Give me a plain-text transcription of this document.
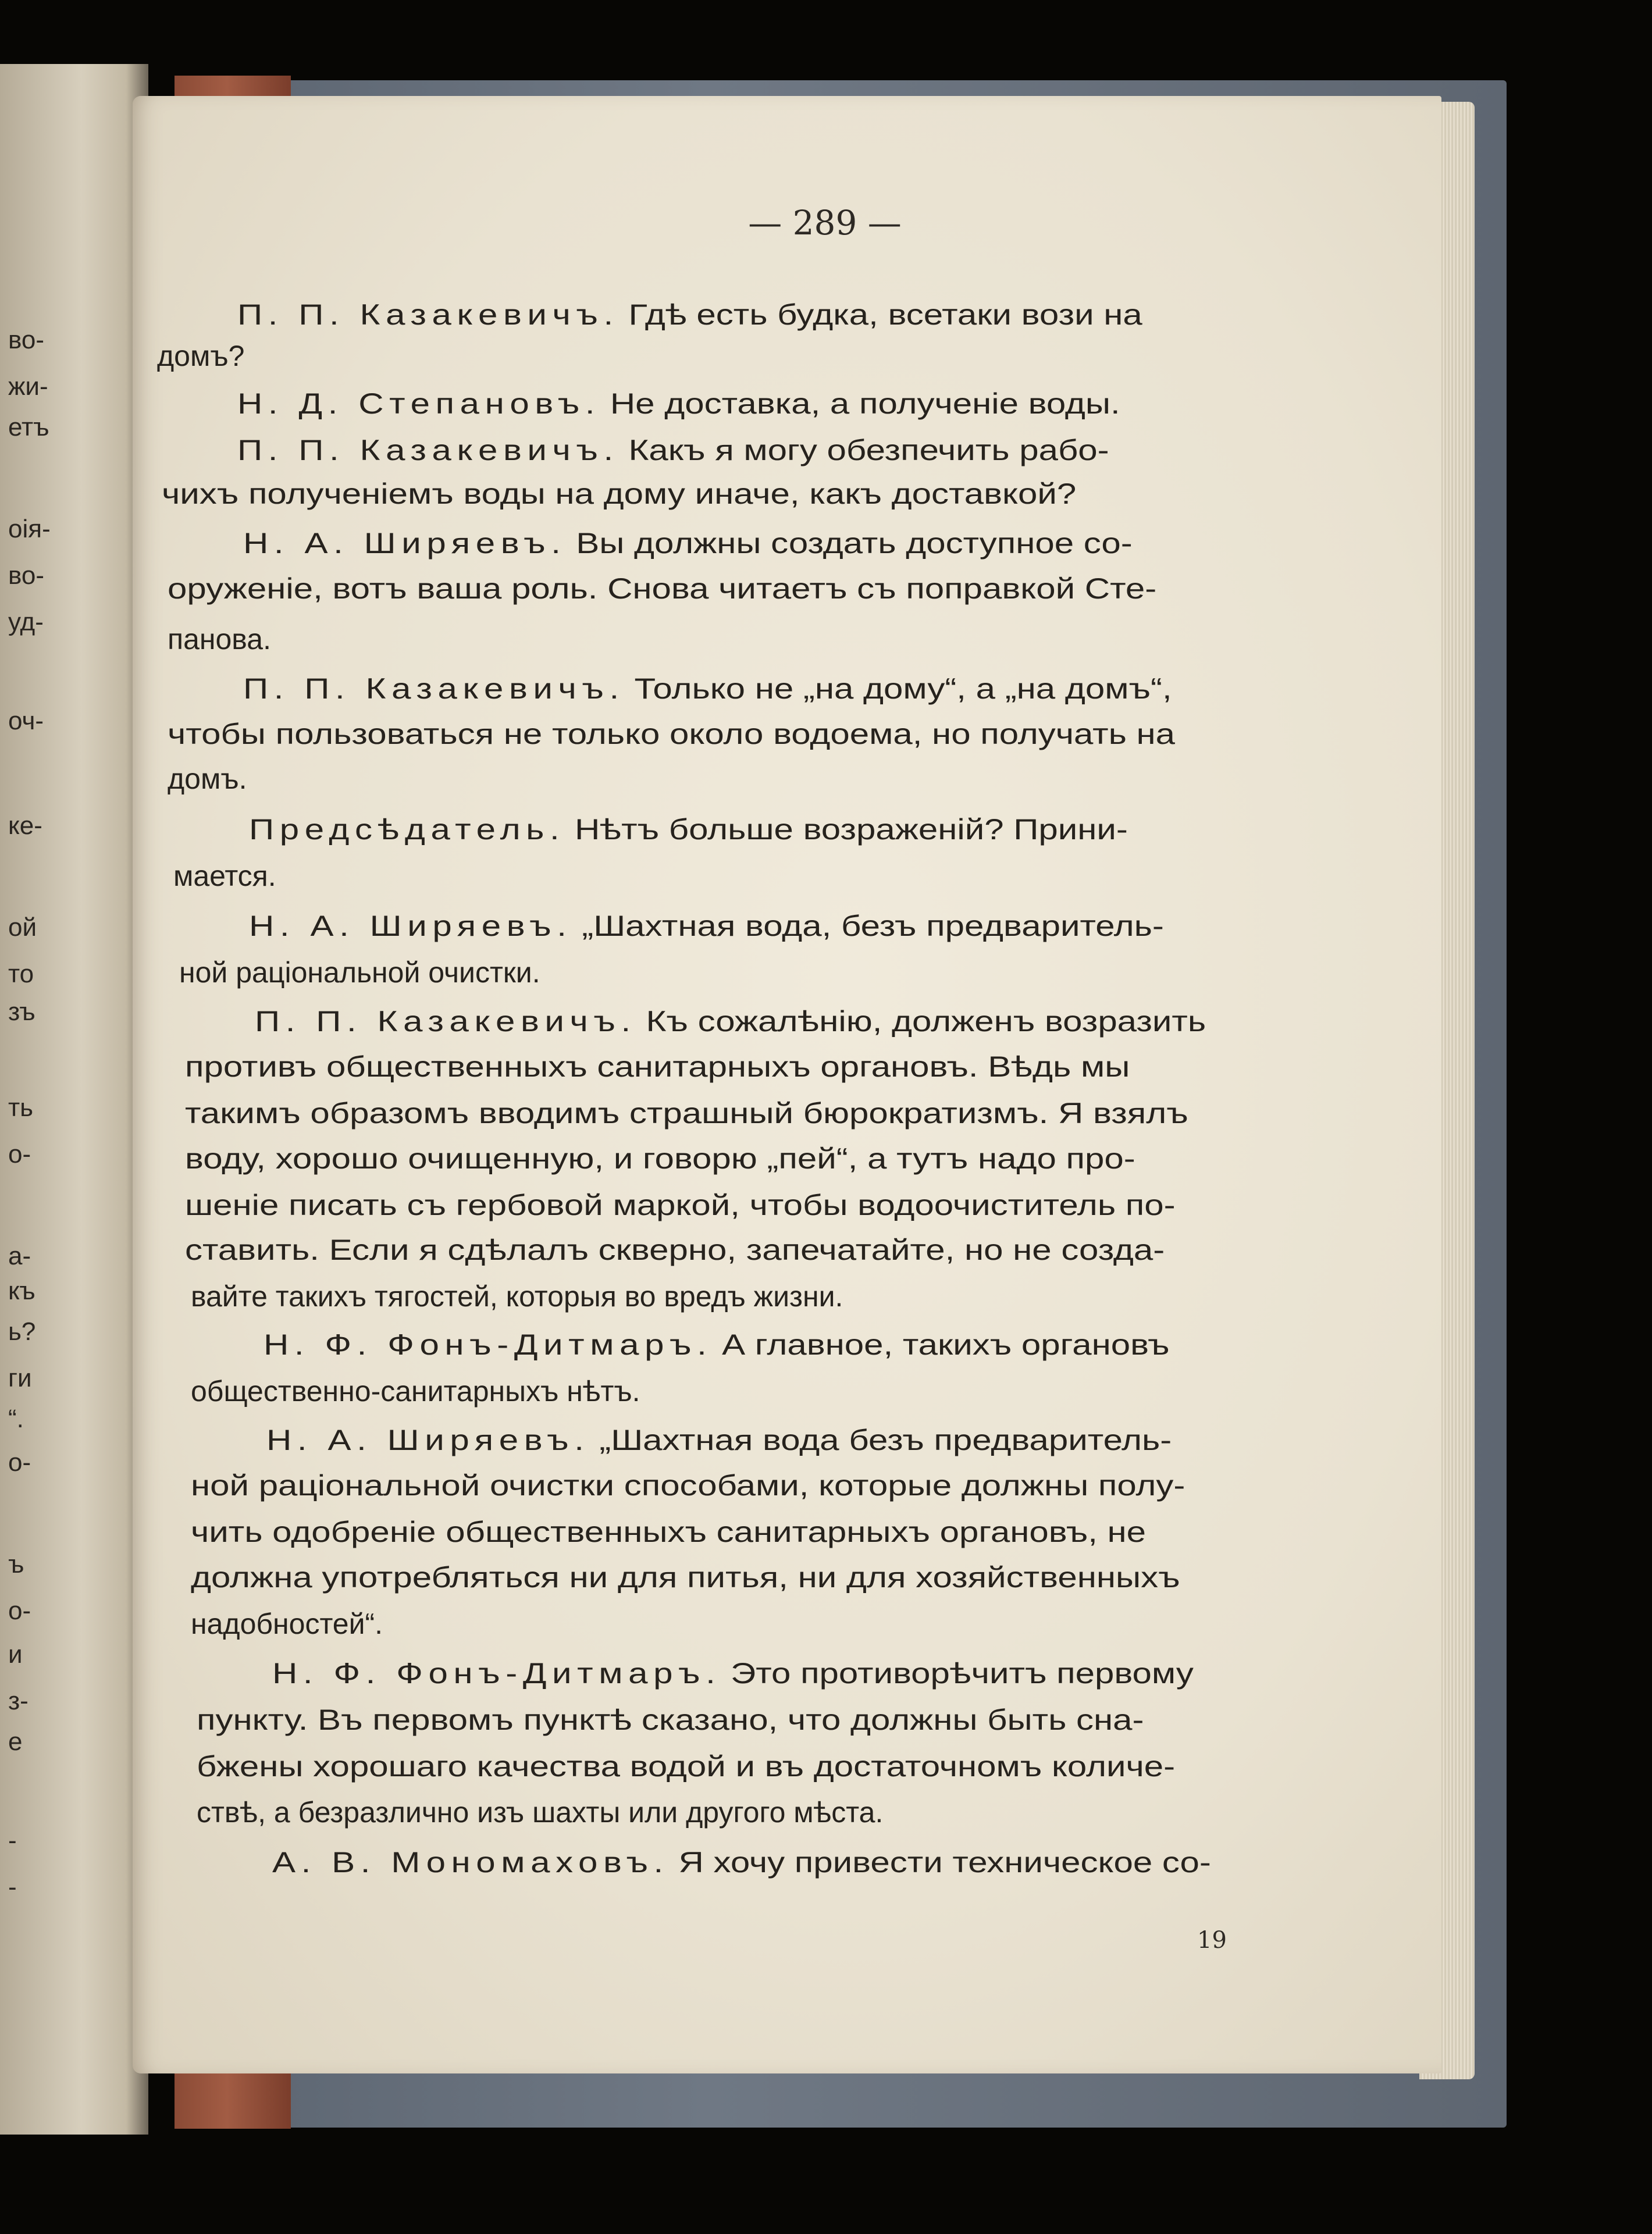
во-
жи-
етъ
оія-
во-
уд-
оч-
ке-
ой
то
зъ
ть
о-
а-
къ
ь?
ги
“.
о-
ъ
о-
и
з-
е
-
-
— 289 —
П. П. Казакевичъ. Гдѣ есть будка, всетаки вози на
домъ?
Н. Д. Степановъ. Не доставка, а полученіе воды.
П. П. Казакевичъ. Какъ я могу обезпечить рабо-
чихъ полученіемъ воды на дому иначе, какъ доставкой?
Н. А. Ширяевъ. Вы должны создать доступное со-
оруженіе, вотъ ваша роль. Снова читаетъ съ поправкой Сте-
панова.
П. П. Казакевичъ. Только не „на дому“, а „на домъ“,
чтобы пользоваться не только около водоема, но получать на
домъ.
Предсѣдатель. Нѣтъ больше возраженій? Прини-
мается.
Н. А. Ширяевъ. „Шахтная вода, безъ предваритель-
ной раціональной очистки.
П. П. Казакевичъ. Къ сожалѣнію, долженъ возразить
противъ общественныхъ санитарныхъ органовъ. Вѣдь мы
такимъ образомъ вводимъ страшный бюрократизмъ. Я взялъ
воду, хорошо очищенную, и говорю „пей“, а тутъ надо про-
шеніе писать съ гербовой маркой, чтобы водоочиститель по-
ставить. Если я сдѣлалъ скверно, запечатайте, но не созда-
вайте такихъ тягостей, которыя во вредъ жизни.
Н. Ф. Фонъ-Дитмаръ. А главное, такихъ органовъ
общественно-санитарныхъ нѣтъ.
Н. А. Ширяевъ. „Шахтная вода безъ предваритель-
ной раціональной очистки способами, которые должны полу-
чить одобреніе общественныхъ санитарныхъ органовъ, не
должна употребляться ни для питья, ни для хозяйственныхъ
надобностей“.
Н. Ф. Фонъ-Дитмаръ. Это противорѣчитъ первому
пункту. Въ первомъ пунктѣ сказано, что должны быть сна-
бжены хорошаго качества водой и въ достаточномъ количе-
ствѣ, а безразлично изъ шахты или другого мѣста.
А. В. Мономаховъ. Я хочу привести техническое со-
19
